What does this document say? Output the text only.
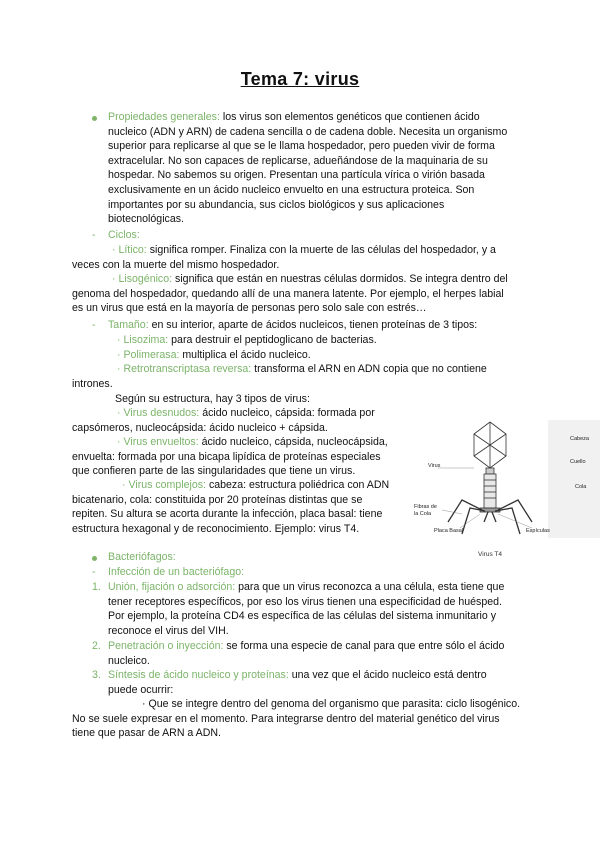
Tema 7: virus
Propiedades generales: los virus son elementos genéticos que contienen ácido
nucleico (ADN y ARN) de cadena sencilla o de cadena doble. Necesita un organismo
superior para replicarse al que se le llama hospedador, pero pueden vivir de forma
extracelular. No son capaces de replicarse, adueñándose de la maquinaria de su
hospedar. No sabemos su origen. Presentan una partícula vírica o virión basada
exclusivamente en un ácido nucleico envuelto en una estructura proteica. Son
importantes por su abundancia, sus ciclos biológicos y sus aplicaciones
biotecnológicas.
- Ciclos:
· Lítico: significa romper. Finaliza con la muerte de las células del hospedador, y a
veces con la muerte del mismo hospedador.
· Lisogénico: significa que están en nuestras células dormidos. Se integra dentro del
genoma del hospedador, quedando allí de una manera latente. Por ejemplo, el herpes labial
es un virus que está en la mayoría de personas pero solo sale con estrés…
- Tamaño: en su interior, aparte de ácidos nucleicos, tienen proteínas de 3 tipos:
· Lisozima: para destruir el peptidoglicano de bacterias.
· Polimerasa: multiplica el ácido nucleico.
· Retrotranscriptasa reversa: transforma el ARN en ADN copia que no contiene
intrones.
Según su estructura, hay 3 tipos de virus:
· Virus desnudos: ácido nucleico, cápsida: formada por
capsómeros, nucleocápsida: ácido nucleico + cápsida.
· Virus envueltos: ácido nucleico, cápsida, nucleocápsida,
envuelta: formada por una bicapa lipídica de proteínas especiales
que confieren parte de las singularidades que tiene un virus.
· Virus complejos: cabeza: estructura poliédrica con ADN
bicatenario, cola: constituida por 20 proteínas distintas que se
repiten. Su altura se acorta durante la infección, placa basal: tiene
estructura hexagonal y de reconocimiento. Ejemplo: virus T4.
Cabeza
Cuello
Cola
Virus
Fibras de la Cola
Placa Basal	Espículas
Virus T4
Bacteriófagos:
- Infección de un bacteriófago:
1. Unión, fijación o adsorción: para que un virus reconozca a una célula, esta tiene que
tener receptores específicos, por eso los virus tienen una especificidad de huésped.
Por ejemplo, la proteína CD4 es específica de las células del sistema inmunitario y
reconoce el virus del VIH.
2. Penetración o inyección: se forma una especie de canal para que entre sólo el ácido
nucleico.
3. Síntesis de ácido nucleico y proteínas: una vez que el ácido nucleico está dentro
puede ocurrir:
· Que se integre dentro del genoma del organismo que parasita: ciclo lisogénico.
No se suele expresar en el momento. Para integrarse dentro del material genético del virus
tiene que pasar de ARN a ADN.
